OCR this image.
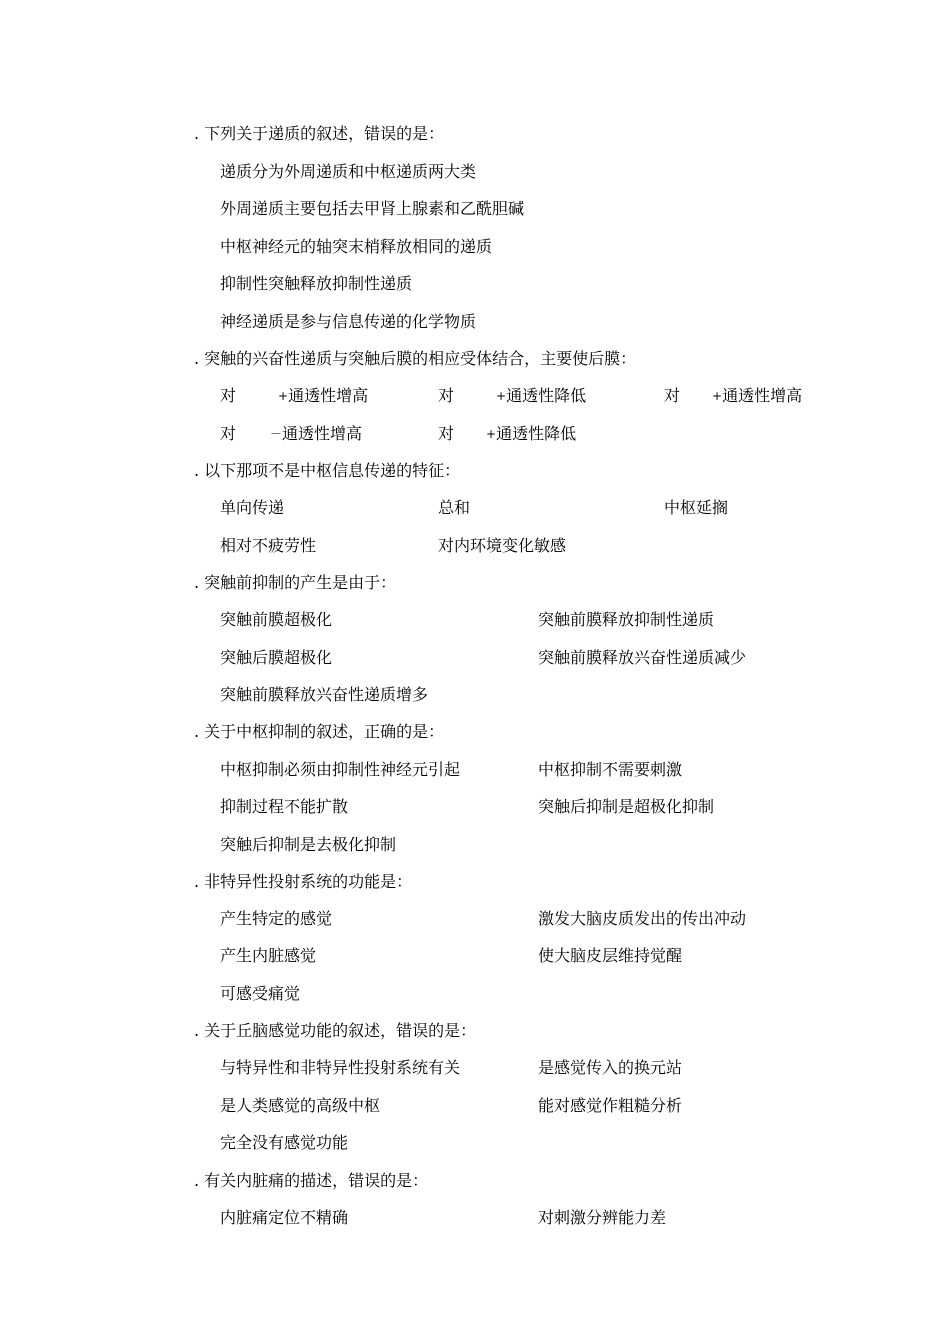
. 下列关于递质的叙述，错误的是：
递质分为外周递质和中枢递质两大类
外周递质主要包括去甲肾上腺素和乙酰胆碱
中枢神经元的轴突末梢释放相同的递质
抑制性突触释放抑制性递质
神经递质是参与信息传递的化学物质
. 突触的兴奋性递质与突触后膜的相应受体结合，主要使后膜：
对	+通透性增高	对	+通透性降低	对	+通透性增高
对	－通透性增高	对	+通透性降低
. 以下那项不是中枢信息传递的特征：
单向传递	总和	中枢延搁
相对不疲劳性	对内环境变化敏感
. 突触前抑制的产生是由于：
突触前膜超极化	突触前膜释放抑制性递质
突触后膜超极化	突触前膜释放兴奋性递质减少
突触前膜释放兴奋性递质增多
. 关于中枢抑制的叙述，正确的是：
中枢抑制必须由抑制性神经元引起	中枢抑制不需要刺激
抑制过程不能扩散	突触后抑制是超极化抑制
突触后抑制是去极化抑制
. 非特异性投射系统的功能是：
产生特定的感觉	激发大脑皮质发出的传出冲动
产生内脏感觉	使大脑皮层维持觉醒
可感受痛觉
. 关于丘脑感觉功能的叙述，错误的是：
与特异性和非特异性投射系统有关	是感觉传入的换元站
是人类感觉的高级中枢	能对感觉作粗糙分析
完全没有感觉功能
. 有关内脏痛的描述，错误的是：
内脏痛定位不精确	对刺激分辨能力差
